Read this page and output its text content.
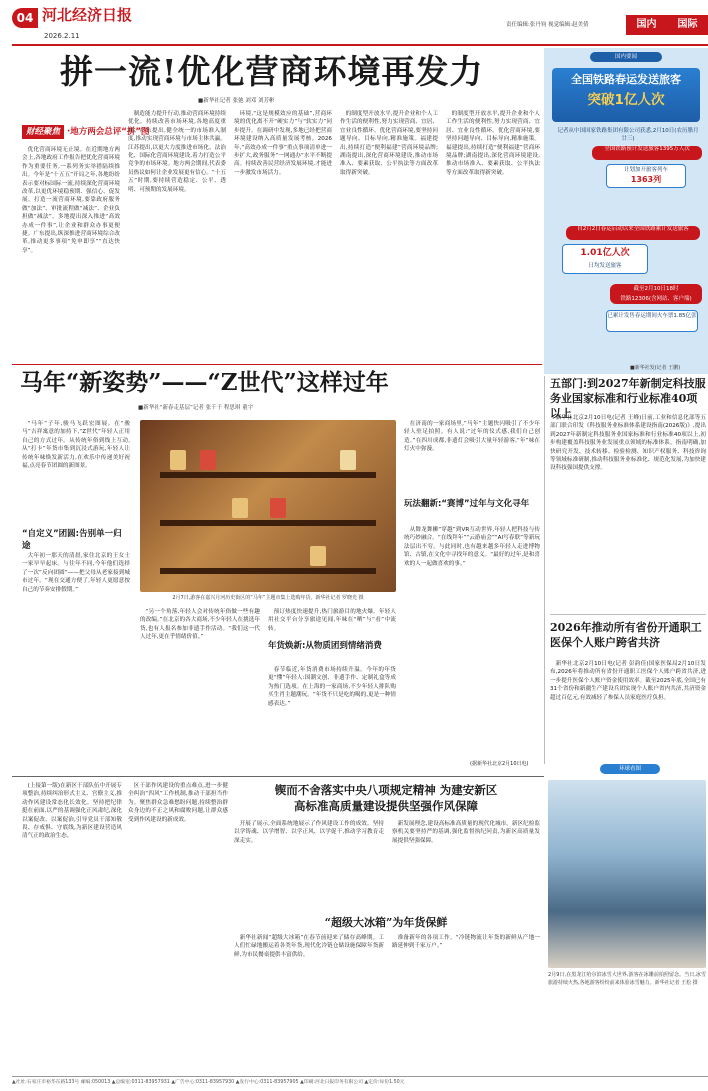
04 河北经济日报
2026.2.11
责任编辑:张丹钧 视觉编辑:赵美倩	国内	国际
拼一流!优化营商环境再发力
■新华社记者 张弛 刘邓 刘芳彬
财经聚焦 ·地方两会总评“拼”图

优化营商环境无止境。在近期地方两会上,各地政府工作报告把优化营商环境作为重要任务,一系列务实举措陆续推出。今年是“十五五”开局之年,各地纷纷表示要对标国际一流,持续深化营商环境改革,以更优环境稳预期、强信心、促发展。打造一流营商环境,要靠政府服务做“加法”、审批流程做“减法”、企业负担做“减法”。多地提出深入推进“高效办成一件事”,让企业和群众办事更便捷。广东提出,纵深推进营商环境综合改革,推动更多事项“免申即享”“直达快享”。

制造能力提升行动,推动营商环境持续优化。持续改善市场环境,各地高度重视。广东提出,健全统一的市场准入制度,推动实现营商环境与市场主体共赢。江苏提出,以更大力度推进市场化、法治化、国际化营商环境建设,着力打造公平竞争的市场环境。地方两会期间,代表委员热议如何让企业发展更有信心。“十五五”时期,要持续营造稳定、公平、透明、可预期的发展环境。

环境,“这是规模效应的基础”,营商环境的优化离不开“硬实力”与“软实力”同步提升。在调研中发现,多地已经把营商环境建设纳入高质量发展考核。2026年,“高效办成一件事”重点事项清单进一步扩大,政务服务“一网通办”水平不断提高。持续改善民营经济发展环境,才能进一步激发市场活力。

的制度型开放水平,提升企业和个人工作生活的便利性,努力实现营商、宜居、宜业良性循环。优化营商环境,要坚持问题导向、目标导向,精准施策。福建提出,持续打造“便利福建”营商环境品牌;湖南提出,深化营商环境建设,推动市场准入、要素获取、公平执法等方面改革取得新突破。

的制度型开放水平,提升企业和个人工作生活的便利性,努力实现营商、宜居、宜业良性循环。优化营商环境,要坚持问题导向、目标导向,精准施策。福建提出,持续打造“便利福建”营商环境品牌;湖南提出,深化营商环境建设,推动市场准入、要素获取、公平执法等方面改革取得新突破。

国内要闻
全国铁路春运发送旅客
突破1亿人次
记者从中国国家铁路集团有限公司获悉,2月10日(农历腊月廿三)
全国铁路预计发送旅客1395万人次
计划加开旅客列车
1363列
自2月2日春运启动以来全国铁路累计发送旅客
1.01亿人次
日均发送旅客
截至2月10日18时
铁路12306(含网站、客户端)
已累计发售春运期间火车票1.85亿张
■新华社发(记者 王鹏)
马年“新姿势”——“Z世代”这样过年
■新华社“新春走基层”记者 张千千 程思琪 董宇

“马年”子年,骏马飞跃宏图展。在“骏马”吉祥寓意的加持下,“Z世代”年轻人正用自己的方式过年。从传统年俗到线上互动,从“打卡”年货市集到沉浸式游玩,年轻人让传统年味焕发新活力,在欢乐中传递美好祝福,点亮春节团圆的新图景。

“自定义”团圆:告别单一归途

大年初一那天的清晨,家住北京的王女士一家早早起床。与往年不同,今年他们选择了一次“反向团圆”——把父母从老家接到城市过年。“现在交通方便了,年轻人更愿意按自己的节奏安排假期。”

2月7日,游客在嘉兴月河历史街区的“马年”主题市集上选购年货。新华社记者 罗晓光 摄

“另一个角落,年轻人会对传统年俗做一些有趣的改编。”在北京的各大商场,不少年轻人在挑选年货,也有人报名参加非遗手作活动。“我们这一代人过年,更在乎情绪价值。”

预订热度快速提升,热门旅游目的地火爆。年轻人用社交平台分享旅途见闻,年味在“晒”与“看”中流转。

年货焕新:从物质团到情绪消费

春节临近,年货消费市场持续升温。今年的年货更“懂”年轻人:国潮文创、非遗手作、定制礼盒等成为热门选项。在上海的一家商场,不少年轻人排队购买生肖主题潮玩。“年货不只是吃的喝的,更是一种情感表达。”

在济南的一家商场里,“马年”主题快闪吸引了不少年轻人驻足拍照。有人说:“过年的仪式感,我们自己创造。”在四川成都,非遗灯会吸引大量年轻游客,“年”味在灯火中弥漫。

玩法翻新:“赛博”过年与文化寻年

从舞龙舞狮“穿越”到VR互动世界,年轻人把科技与传统巧妙融合。“在线拜年”“云游庙会”“AI写春联”等新玩法层出不穷。与此同时,也有越来越多年轻人走进博物馆、古镇,在文化中寻找年的意义。“最好的过年,是和喜欢的人一起做喜欢的事。”

(据新华社北京2月10日电)
五部门:到2027年新制定科技服务业国家标准和行业标准40项以上

新华社北京2月10日电(记者 王峰)日前,工业和信息化部等五部门联合印发《科技服务业标准体系建设指南(2026版)》,提出到2027年新制定科技服务业国家标准和行业标准40项以上,初步构建覆盖科技服务业发展重点领域的标准体系。指南明确,加快研究开发、技术转移、检验检测、知识产权服务、科技咨询等领域标准研制,推动科技服务业标准化、规范化发展,为加快建设科技强国提供支撑。

2026年推动所有省份开通职工医保个人账户跨省共济

新华社北京2月10日电(记者 彭韵佳)国家医保局2月10日发布,2026年将推动所有省份开通职工医保个人账户跨省共济,进一步提升医保个人账户资金使用效率。截至2025年底,全国已有31个省份和新疆生产建设兵团实现个人账户省内共济,共济资金超过百亿元,有效减轻了参保人员家庭医疗负担。

(上接第一版)在新区干部队伍中开展专项整治,持续纠治形式主义、官僚主义,推动作风建设常态化长效化。坚持把纪律挺在前面,以严的基调强化正风肃纪,深化以案促改、以案促治,引导党员干部知敬畏、存戒惧、守底线,为新区建设营造风清气正的政治生态。

区干部作风建设的重点难点,进一步健全纠治“四风”工作机制,推动干部担当作为。聚焦群众急难愁盼问题,持续整治群众身边的不正之风和腐败问题,让群众感受到作风建设的新成效。

锲而不舍落实中央八项规定精神 为建安新区
高标准高质量建设提供坚强作风保障

开展了展示,全面系统地展示了作风建设工作的成效。坚持以学铸魂、以学增智、以学正风、以学促干,推动学习教育走深走实。

新发展理念,建设高标准高质量的现代化城市。新区纪检监察机关要坚持严的基调,强化监督执纪问责,为新区高质量发展提供坚强保障。

“超级大冰箱”为年货保鲜

新华社新闻“超级大冰箱”在春节前迎来了储存高峰期。工人们忙碌地搬运着各类年货,现代化冷链仓储设施保障年货新鲜,为市民餐桌提供丰富供给。

准备新年的各项工作。“冷链物流让年货的新鲜从产地一路延伸到千家万户。”

环球看图
2月9日,在黑龙江哈尔滨冰雪大世界,游客在冰雕前拍照留念。当日,冰雪旅游持续火热,各地游客纷纷前来体验冰雪魅力。新华社记者 王松 摄
▲社址:石家庄市裕华东路133号 邮编:050013 ▲总编室:0311-83957931 ▲广告中心:0311-83957930 ▲发行中心:0311-83957905 ▲印刷:河北日报印务有限公司 ▲定价:每份1.50元
